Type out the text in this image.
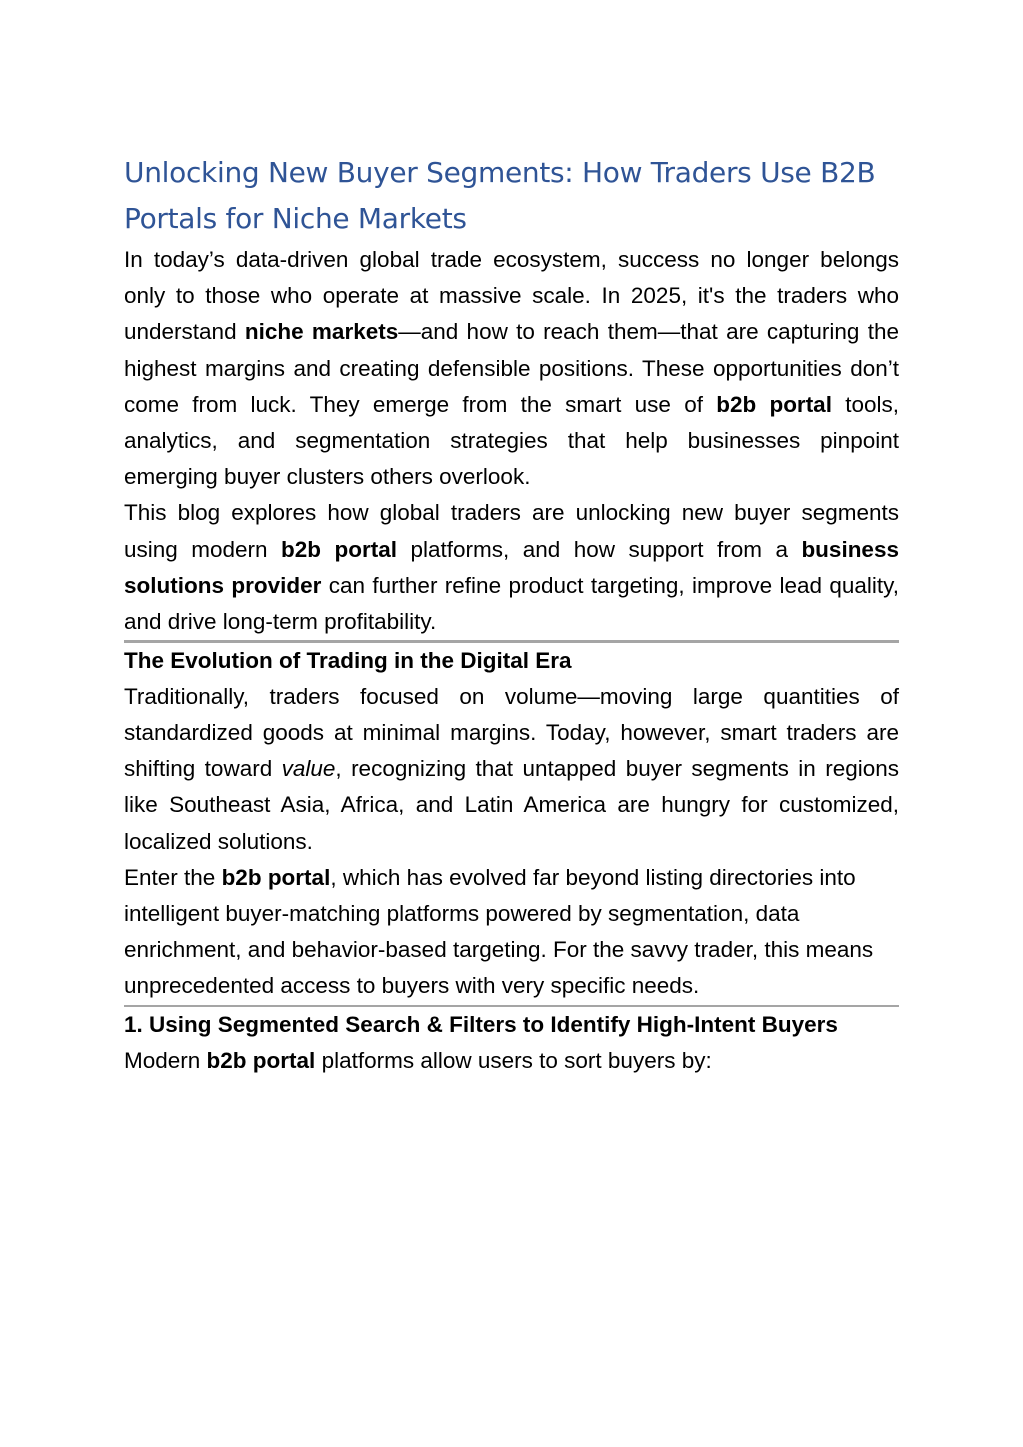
Unlocking New Buyer Segments: How Traders Use B2B Portals for Niche Markets

In today’s data-driven global trade ecosystem, success no longer belongs only to those who operate at massive scale. In 2025, it's the traders who understand niche markets—and how to reach them—that are capturing the highest margins and creating defensible positions. These opportunities don’t come from luck. They emerge from the smart use of b2b portal tools, analytics, and segmentation strategies that help businesses pinpoint emerging buyer clusters others overlook.

This blog explores how global traders are unlocking new buyer segments using modern b2b portal platforms, and how support from a business solutions provider can further refine product targeting, improve lead quality, and drive long-term profitability.

The Evolution of Trading in the Digital Era

Traditionally, traders focused on volume—moving large quantities of standardized goods at minimal margins. Today, however, smart traders are shifting toward value, recognizing that untapped buyer segments in regions like Southeast Asia, Africa, and Latin America are hungry for customized, localized solutions.

Enter the b2b portal, which has evolved far beyond listing directories into intelligent buyer-matching platforms powered by segmentation, data enrichment, and behavior-based targeting. For the savvy trader, this means unprecedented access to buyers with very specific needs.

1. Using Segmented Search & Filters to Identify High-Intent Buyers

Modern b2b portal platforms allow users to sort buyers by:
